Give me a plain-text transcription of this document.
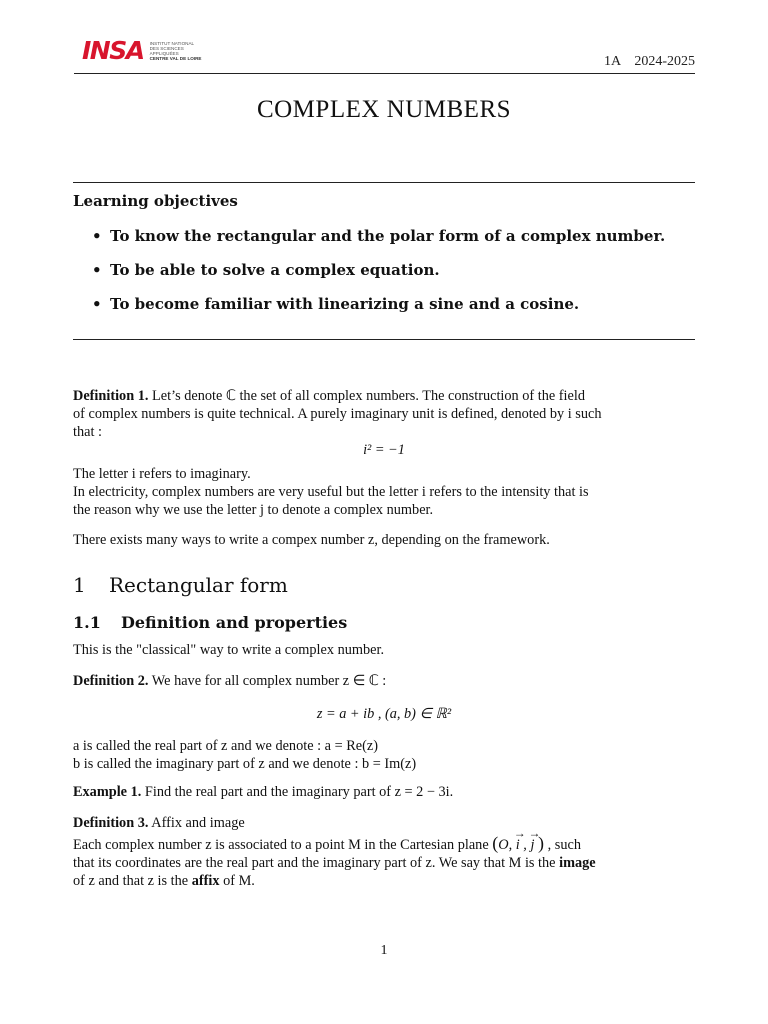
INSA INSTITUT NATIONAL
DES SCIENCES
APPLIQUÉES
CENTRE VAL DE LOIRE	1A    2024-2025
COMPLEX NUMBERS
Learning objectives
• To know the rectangular and the polar form of a complex number.
• To be able to solve a complex equation.
• To become familiar with linearizing a sine and a cosine.
Definition 1. Let’s denote ℂ the set of all complex numbers. The construction of the field
of complex numbers is quite technical. A purely imaginary unit is defined, denoted by i such
that :
i² = −1
The letter i refers to imaginary.
In electricity, complex numbers are very useful but the letter i refers to the intensity that is
the reason why we use the letter j to denote a complex number.
There exists many ways to write a compex number z, depending on the framework.
1 Rectangular form
1.1 Definition and properties
This is the "classical" way to write a complex number.
Definition 2. We have for all complex number z ∈ ℂ :
z = a + ib , (a, b) ∈ ℝ²
a is called the real part of z and we denote : a = Re(z)
b is called the imaginary part of z and we denote : b = Im(z)
Example 1. Find the real part and the imaginary part of z = 2 − 3i.
Definition 3. Affix and image
Each complex number z is associated to a point M in the Cartesian plane (O, → i , → j ) , such
that its coordinates are the real part and the imaginary part of z. We say that M is the image
of z and that z is the affix of M.
1
